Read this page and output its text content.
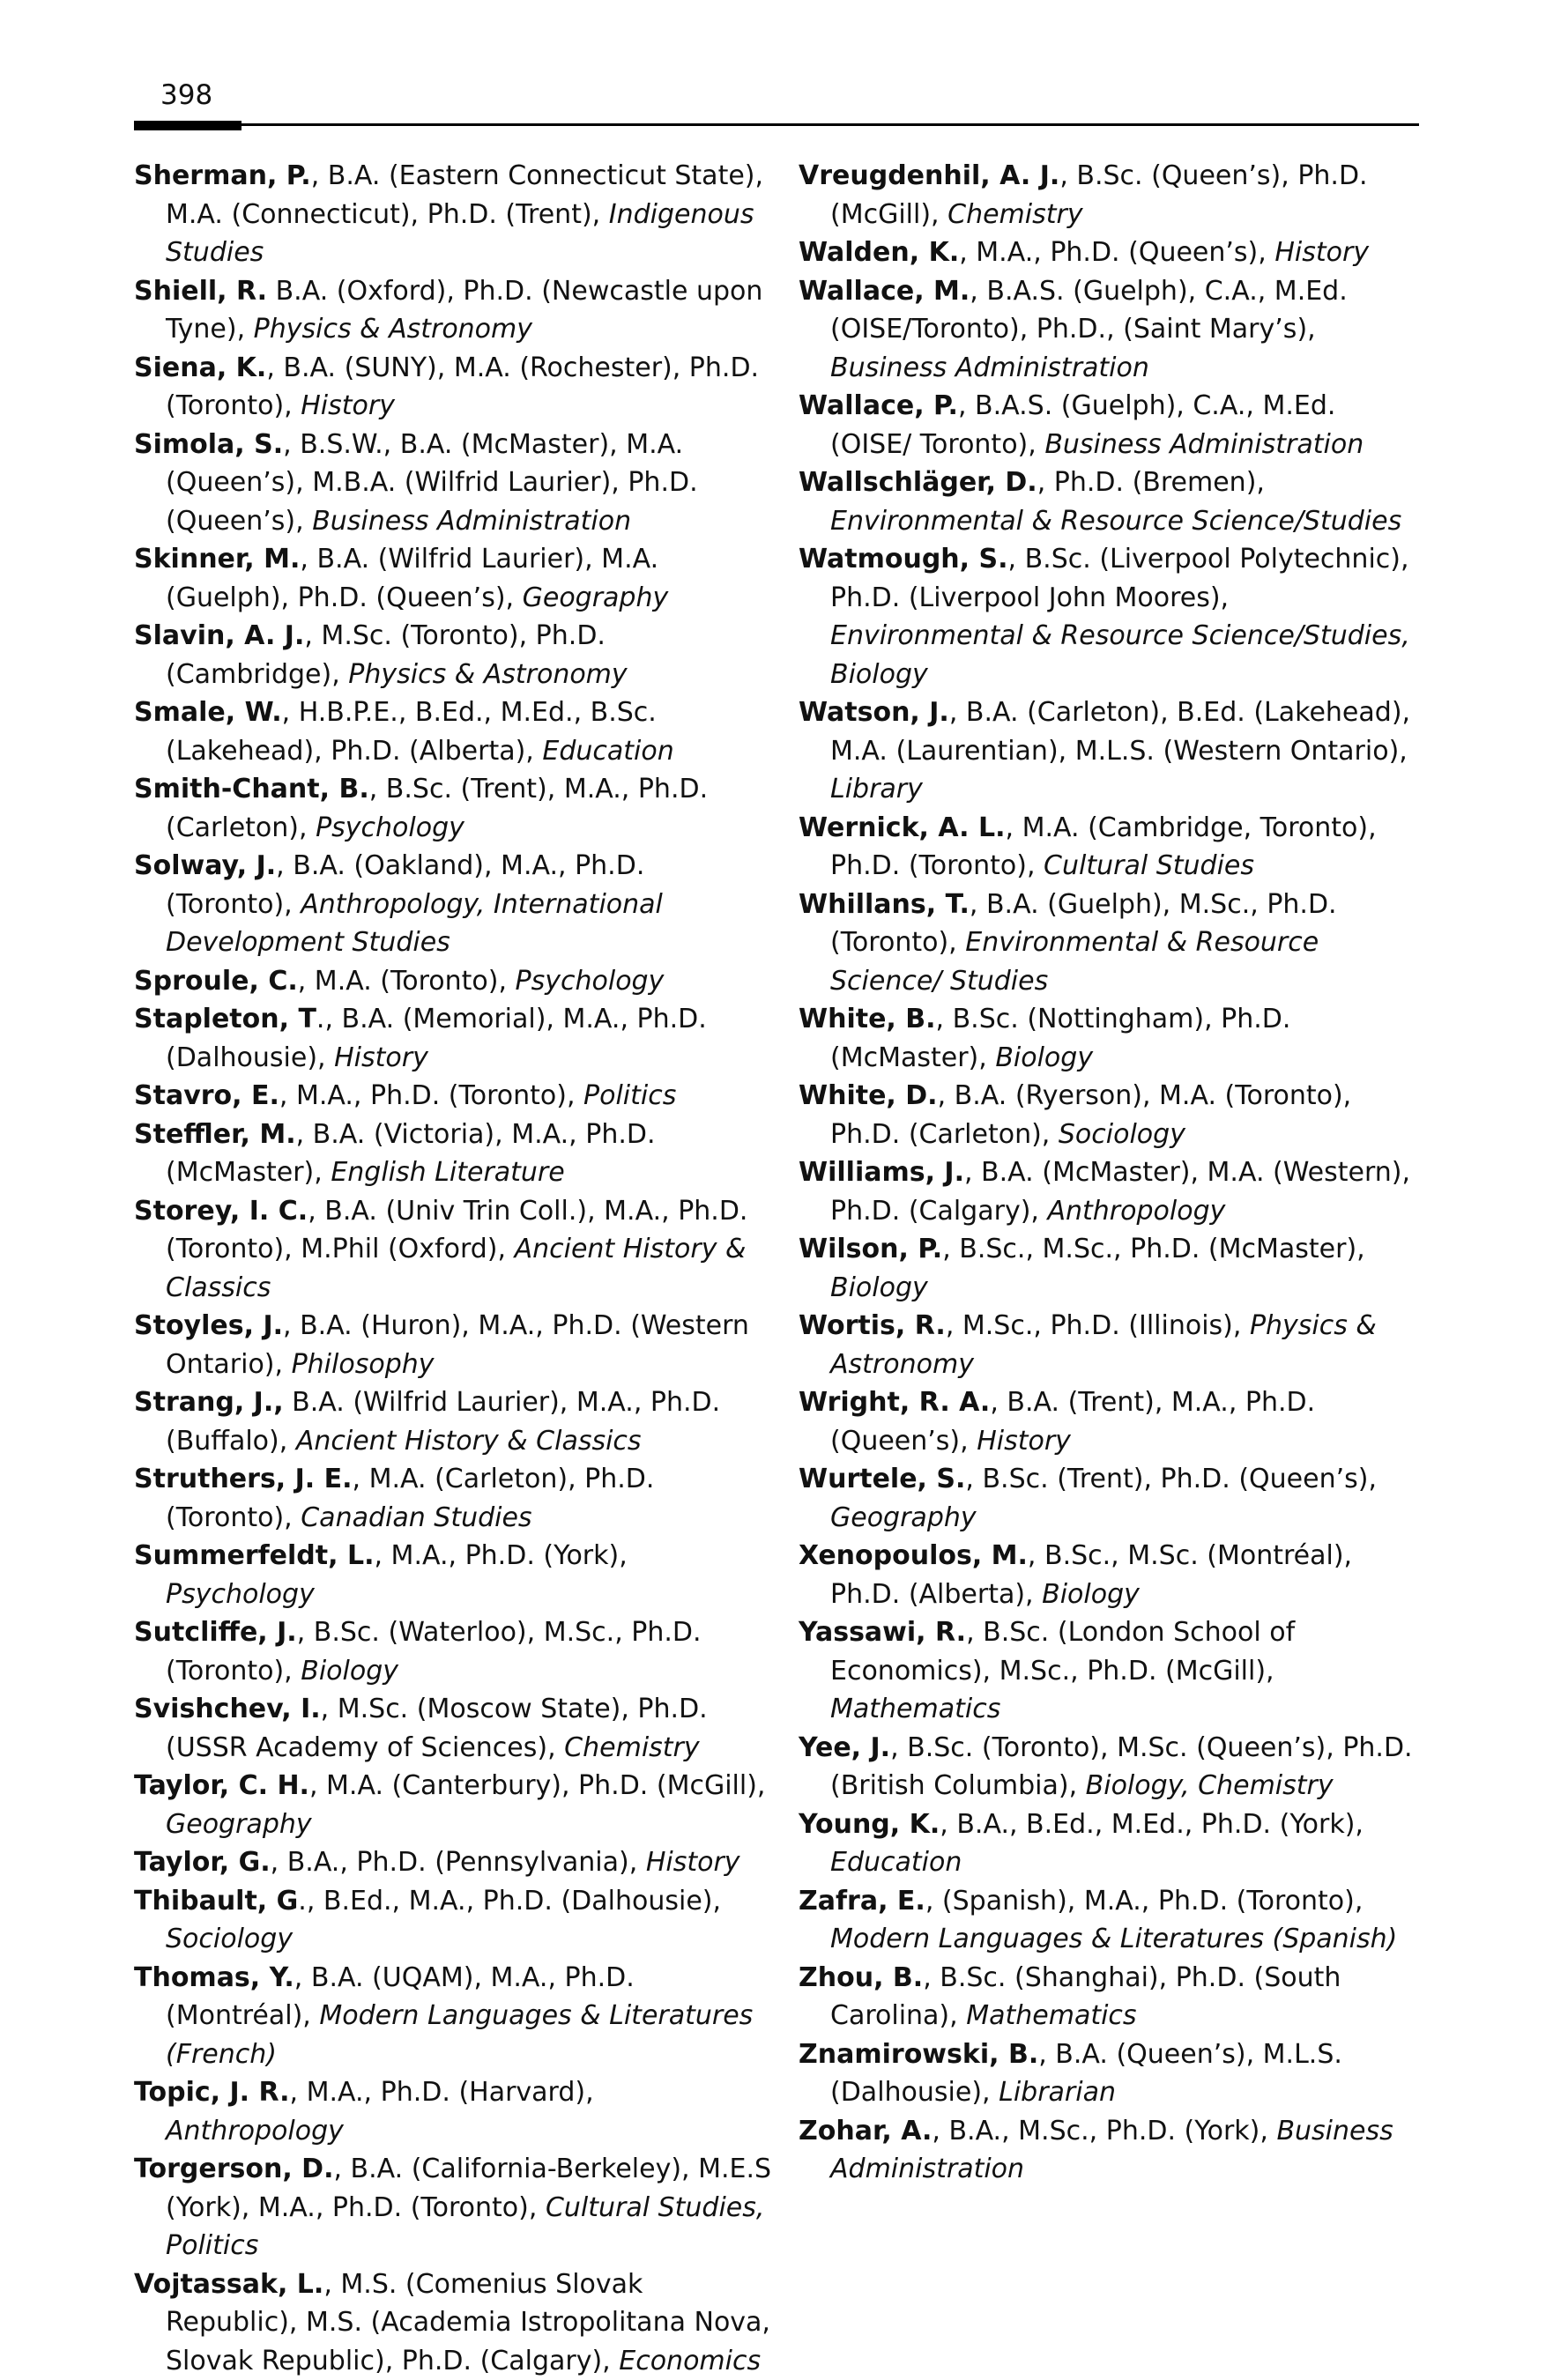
398

Sherman, P., B.A. (Eastern Connecticut State), M.A. (Connecticut), Ph.D. (Trent), Indigenous Studies

Shiell, R. B.A. (Oxford), Ph.D. (Newcastle upon Tyne), Physics & Astronomy

Siena, K., B.A. (SUNY), M.A. (Rochester), Ph.D. (Toronto), History

Simola, S., B.S.W., B.A. (McMaster), M.A. (Queen’s), M.B.A. (Wilfrid Laurier), Ph.D. (Queen’s), Business Administration

Skinner, M., B.A. (Wilfrid Laurier), M.A. (Guelph), Ph.D. (Queen’s), Geography

Slavin, A. J., M.Sc. (Toronto), Ph.D. (Cambridge), Physics & Astronomy

Smale, W., H.B.P.E., B.Ed., M.Ed., B.Sc. (Lakehead), Ph.D. (Alberta), Education

Smith-Chant, B., B.Sc. (Trent), M.A., Ph.D. (Carleton), Psychology

Solway, J., B.A. (Oakland), M.A., Ph.D. (Toronto), Anthropology, International Development Studies

Sproule, C., M.A. (Toronto), Psychology

Stapleton, T., B.A. (Memorial), M.A., Ph.D. (Dalhousie), History

Stavro, E., M.A., Ph.D. (Toronto), Politics

Steffler, M., B.A. (Victoria), M.A., Ph.D. (McMaster), English Literature

Storey, I. C., B.A. (Univ Trin Coll.), M.A., Ph.D. (Toronto), M.Phil (Oxford), Ancient History & Classics

Stoyles, J., B.A. (Huron), M.A., Ph.D. (Western Ontario), Philosophy

Strang, J., B.A. (Wilfrid Laurier), M.A., Ph.D. (Buffalo), Ancient History & Classics

Struthers, J. E., M.A. (Carleton), Ph.D. (Toronto), Canadian Studies

Summerfeldt, L., M.A., Ph.D. (York), Psychology

Sutcliffe, J., B.Sc. (Waterloo), M.Sc., Ph.D. (Toronto), Biology

Svishchev, I., M.Sc. (Moscow State), Ph.D. (USSR Academy of Sciences), Chemistry

Taylor, C. H., M.A. (Canterbury), Ph.D. (McGill), Geography

Taylor, G., B.A., Ph.D. (Pennsylvania), History

Thibault, G., B.Ed., M.A., Ph.D. (Dalhousie), Sociology

Thomas, Y., B.A. (UQAM), M.A., Ph.D. (Montréal), Modern Languages & Literatures (French)

Topic, J. R., M.A., Ph.D. (Harvard), Anthropology

Torgerson, D., B.A. (California-Berkeley), M.E.S (York), M.A., Ph.D. (Toronto), Cultural Studies, Politics

Vojtassak, L., M.S. (Comenius Slovak Republic), M.S. (Academia Istropolitana Nova, Slovak Republic), Ph.D. (Calgary), Economics

Vreugdenhil, A. J., B.Sc. (Queen’s), Ph.D. (McGill), Chemistry

Walden, K., M.A., Ph.D. (Queen’s), History

Wallace, M., B.A.S. (Guelph), C.A., M.Ed. (OISE/Toronto), Ph.D., (Saint Mary’s), Business Administration

Wallace, P., B.A.S. (Guelph), C.A., M.Ed. (OISE/ Toronto), Business Administration

Wallschläger, D., Ph.D. (Bremen), Environmental & Resource Science/Studies

Watmough, S., B.Sc. (Liverpool Polytechnic), Ph.D. (Liverpool John Moores), Environmental & Resource Science/Studies, Biology

Watson, J., B.A. (Carleton), B.Ed. (Lakehead), M.A. (Laurentian), M.L.S. (Western Ontario), Library

Wernick, A. L., M.A. (Cambridge, Toronto), Ph.D. (Toronto), Cultural Studies

Whillans, T., B.A. (Guelph), M.Sc., Ph.D. (Toronto), Environmental & Resource Science/ Studies

White, B., B.Sc. (Nottingham), Ph.D. (McMaster), Biology

White, D., B.A. (Ryerson), M.A. (Toronto), Ph.D. (Carleton), Sociology

Williams, J., B.A. (McMaster), M.A. (Western), Ph.D. (Calgary), Anthropology

Wilson, P., B.Sc., M.Sc., Ph.D. (McMaster), Biology

Wortis, R., M.Sc., Ph.D. (Illinois), Physics & Astronomy

Wright, R. A., B.A. (Trent), M.A., Ph.D. (Queen’s), History

Wurtele, S., B.Sc. (Trent), Ph.D. (Queen’s), Geography

Xenopoulos, M., B.Sc., M.Sc. (Montréal), Ph.D. (Alberta), Biology

Yassawi, R., B.Sc. (London School of Economics), M.Sc., Ph.D. (McGill), Mathematics

Yee, J., B.Sc. (Toronto), M.Sc. (Queen’s), Ph.D. (British Columbia), Biology, Chemistry

Young, K., B.A., B.Ed., M.Ed., Ph.D. (York), Education

Zafra, E., (Spanish), M.A., Ph.D. (Toronto), Modern Languages & Literatures (Spanish)

Zhou, B., B.Sc. (Shanghai), Ph.D. (South Carolina), Mathematics

Znamirowski, B., B.A. (Queen’s), M.L.S. (Dalhousie), Librarian

Zohar, A., B.A., M.Sc., Ph.D. (York), Business Administration
